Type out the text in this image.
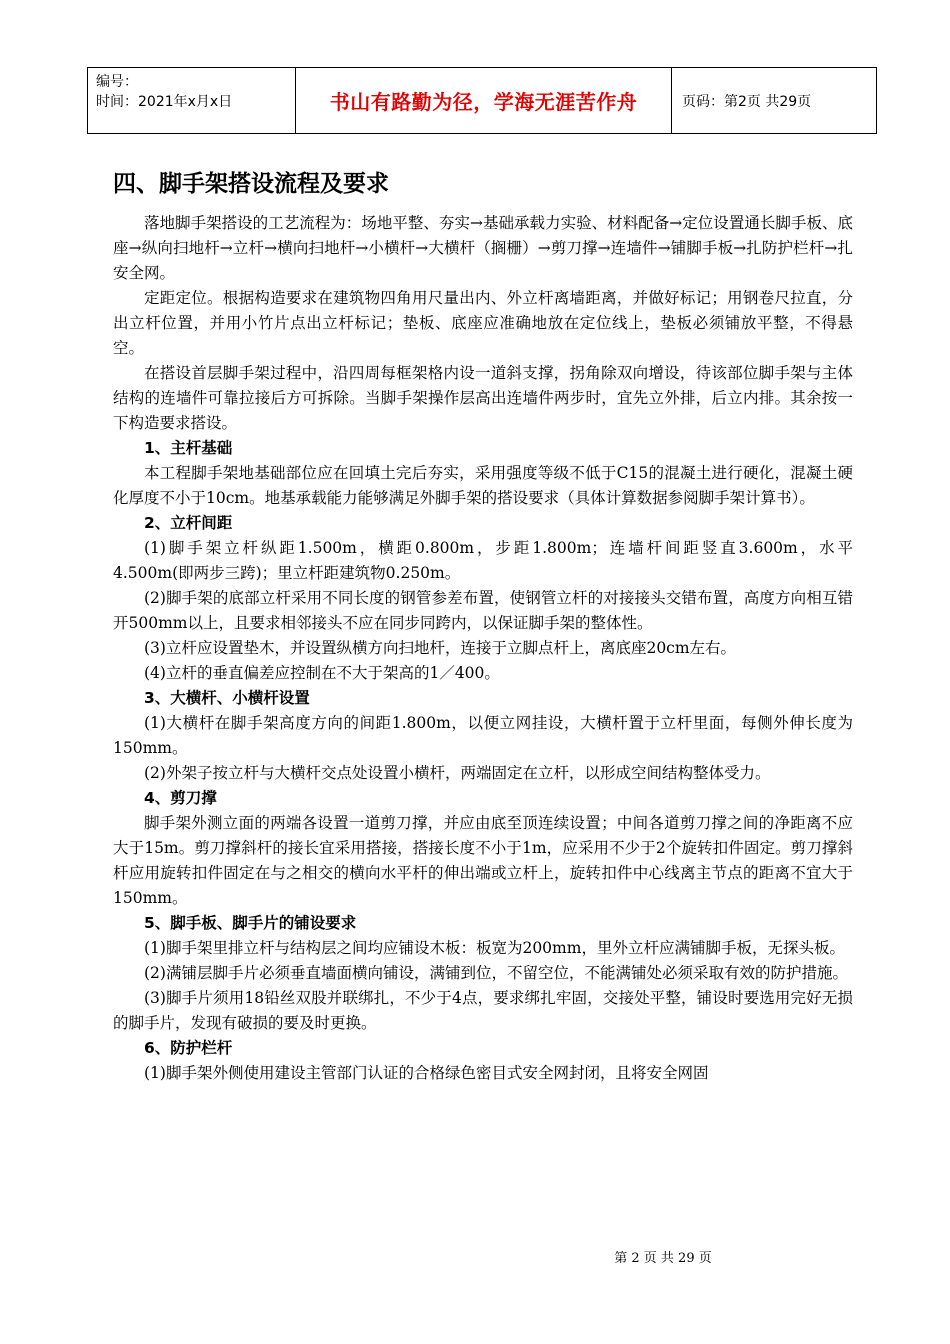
编号：
时间：2021年x月x日	书山有路勤为径，学海无涯苦作舟	页码：第2页 共29页
四、脚手架搭设流程及要求

落地脚手架搭设的工艺流程为：场地平整、夯实→基础承载力实验、材料配备→定位设置通长脚手板、底座→纵向扫地杆→立杆→横向扫地杆→小横杆→大横杆（搁栅）→剪刀撑→连墙件→铺脚手板→扎防护栏杆→扎安全网。

定距定位。根据构造要求在建筑物四角用尺量出内、外立杆离墙距离，并做好标记；用钢卷尺拉直，分出立杆位置，并用小竹片点出立杆标记；垫板、底座应准确地放在定位线上，垫板必须铺放平整，不得悬空。

在搭设首层脚手架过程中，沿四周每框架格内设一道斜支撑，拐角除双向增设，待该部位脚手架与主体结构的连墙件可靠拉接后方可拆除。当脚手架操作层高出连墙件两步时，宜先立外排，后立内排。其余按一下构造要求搭设。

1、主杆基础

本工程脚手架地基础部位应在回填土完后夯实，采用强度等级不低于C15的混凝土进行硬化，混凝土硬化厚度不小于10cm。地基承载能力能够满足外脚手架的搭设要求（具体计算数据参阅脚手架计算书）。

2、立杆间距

(1)脚手架立杆纵距1.500m，横距0.800m，步距1.800m；连墙杆间距竖直3.600m，水平4.500m(即两步三跨)；里立杆距建筑物0.250m。

(2)脚手架的底部立杆采用不同长度的钢管参差布置，使钢管立杆的对接接头交错布置，高度方向相互错开500mm以上，且要求相邻接头不应在同步同跨内，以保证脚手架的整体性。

(3)立杆应设置垫木，并设置纵横方向扫地杆，连接于立脚点杆上，离底座20cm左右。

(4)立杆的垂直偏差应控制在不大于架高的1／400。

3、大横杆、小横杆设置

(1)大横杆在脚手架高度方向的间距1.800m，以便立网挂设，大横杆置于立杆里面，每侧外伸长度为150mm。

(2)外架子按立杆与大横杆交点处设置小横杆，两端固定在立杆，以形成空间结构整体受力。

4、剪刀撑

脚手架外测立面的两端各设置一道剪刀撑，并应由底至顶连续设置；中间各道剪刀撑之间的净距离不应大于15m。剪刀撑斜杆的接长宜采用搭接，搭接长度不小于1m，应采用不少于2个旋转扣件固定。剪刀撑斜杆应用旋转扣件固定在与之相交的横向水平杆的伸出端或立杆上，旋转扣件中心线离主节点的距离不宜大于150mm。

5、脚手板、脚手片的铺设要求

(1)脚手架里排立杆与结构层之间均应铺设木板：板宽为200mm，里外立杆应满铺脚手板，无探头板。

(2)满铺层脚手片必须垂直墙面横向铺设，满铺到位，不留空位，不能满铺处必须采取有效的防护措施。

(3)脚手片须用18铅丝双股并联绑扎，不少于4点，要求绑扎牢固，交接处平整，铺设时要选用完好无损的脚手片，发现有破损的要及时更换。

6、防护栏杆

(1)脚手架外侧使用建设主管部门认证的合格绿色密目式安全网封闭，且将安全网固

第 2 页 共 29 页
